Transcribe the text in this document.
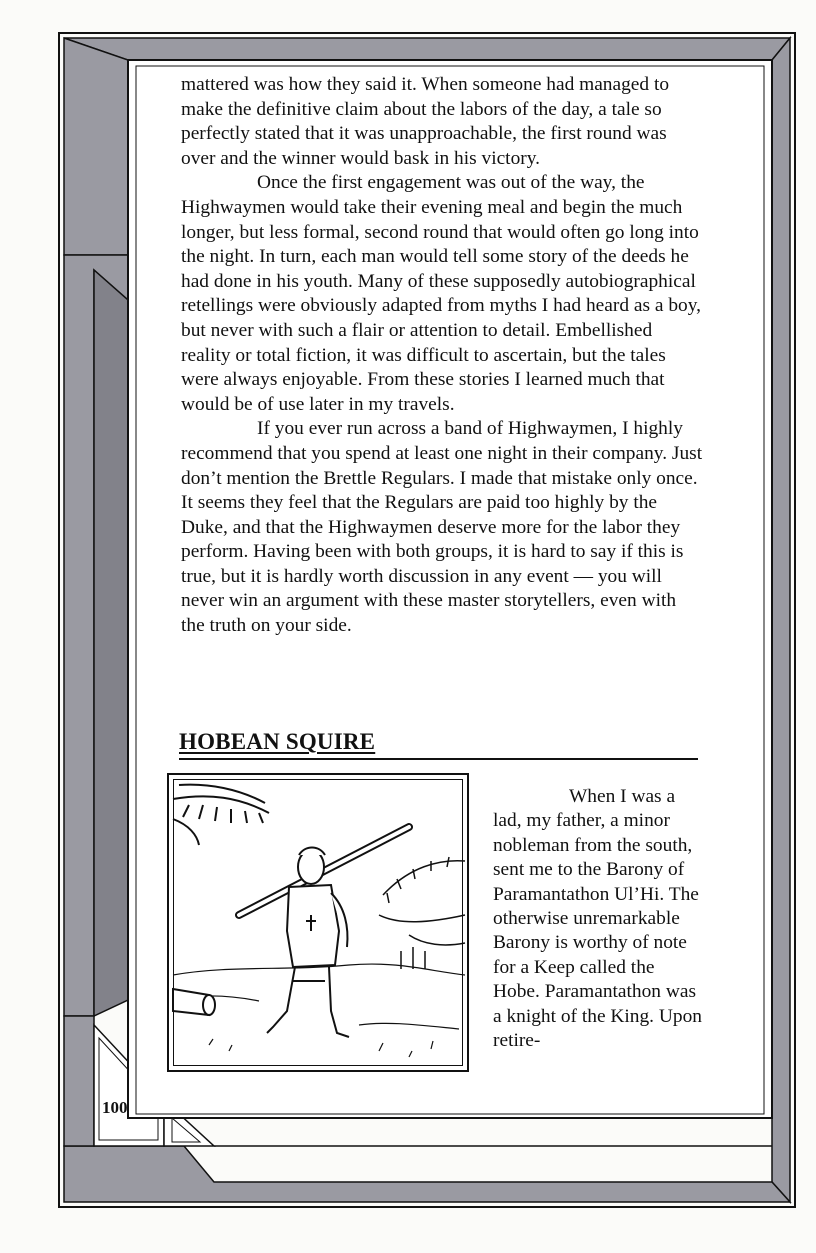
mattered was how they said it. When someone had managed to make the definitive claim about the labors of the day, a tale so perfectly stated that it was unapproachable, the first round was over and the winner would bask in his victory.

Once the first engagement was out of the way, the Highwaymen would take their evening meal and begin the much longer, but less formal, second round that would often go long into the night. In turn, each man would tell some story of the deeds he had done in his youth. Many of these supposedly autobiographical retellings were obviously adapted from myths I had heard as a boy, but never with such a flair or attention to detail. Embellished reality or total fiction, it was difficult to ascertain, but the tales were always enjoyable. From these stories I learned much that would be of use later in my travels.

If you ever run across a band of Highwaymen, I highly recommend that you spend at least one night in their company. Just don’t mention the Brettle Regulars. I made that mistake only once. It seems they feel that the Regulars are paid too highly by the Duke, and that the Highwaymen deserve more for the labor they perform. Having been with both groups, it is hard to say if this is true, but it is hardly worth discussion in any event — you will never win an argument with these master storytellers, even with the truth on your side.

HOBEAN SQUIRE

When I was a lad, my father, a minor nobleman from the south, sent me to the Barony of Paramantathon Ul’Hi. The otherwise unremarkable Barony is worthy of note for a Keep called the Hobe. Paramantathon was a knight of the King. Upon retire-

100
